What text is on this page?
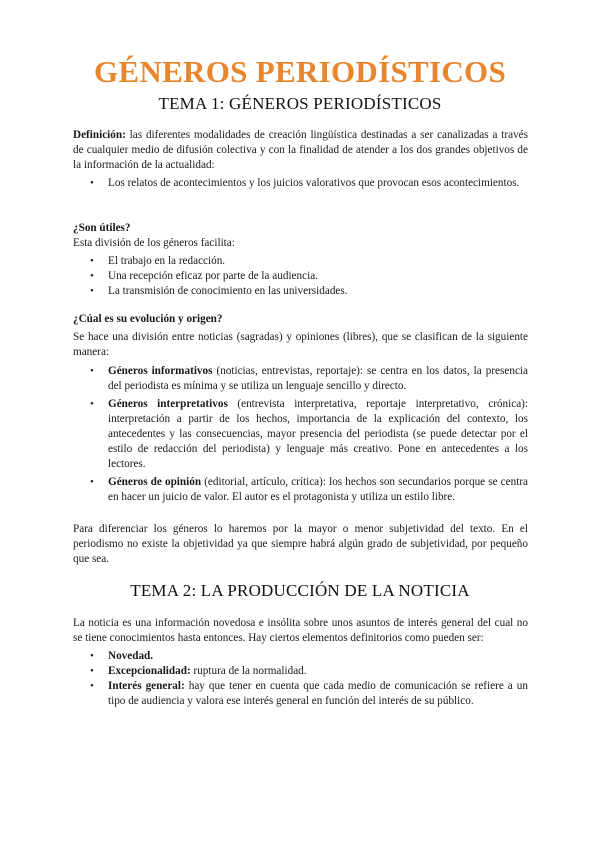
GÉNEROS PERIODÍSTICOS
TEMA 1: GÉNEROS PERIODÍSTICOS

Definición: las diferentes modalidades de creación lingüística destinadas a ser canalizadas a través de cualquier medio de difusión colectiva y con la finalidad de atender a los dos grandes objetivos de la información de la actualidad:

• Los relatos de acontecimientos y los juicios valorativos que provocan esos acontecimientos.

¿Son útiles?

Esta división de los géneros facilita:

• El trabajo en la redacción.
• Una recepción eficaz por parte de la audiencia.
• La transmisión de conocimiento en las universidades.

¿Cúal es su evolución y origen?

Se hace una división entre noticias (sagradas) y opiniones (libres), que se clasifican de la siguiente manera:

• Géneros informativos (noticias, entrevistas, reportaje): se centra en los datos, la presencia del periodista es mínima y se utiliza un lenguaje sencillo y directo.
• Géneros interpretativos (entrevista interpretativa, reportaje interpretativo, crónica): interpretación a partir de los hechos, importancia de la explicación del contexto, los antecedentes y las consecuencias, mayor presencia del periodista (se puede detectar por el estilo de redacción del periodista) y lenguaje más creativo. Pone en antecedentes a los lectores.
• Géneros de opinión (editorial, artículo, crítica): los hechos son secundarios porque se centra en hacer un juicio de valor. El autor es el protagonista y utiliza un estilo libre.

Para diferenciar los géneros lo haremos por la mayor o menor subjetividad del texto. En el periodismo no existe la objetividad ya que siempre habrá algún grado de subjetividad, por pequeño que sea.

TEMA 2: LA PRODUCCIÓN DE LA NOTICIA

La noticia es una información novedosa e insólita sobre unos asuntos de interés general del cual no se tiene conocimientos hasta entonces. Hay ciertos elementos definitorios como pueden ser:

• Novedad.
• Excepcionalidad: ruptura de la normalidad.
• Interés general: hay que tener en cuenta que cada medio de comunicación se refiere a un tipo de audiencia y valora ese interés general en función del interés de su público.
